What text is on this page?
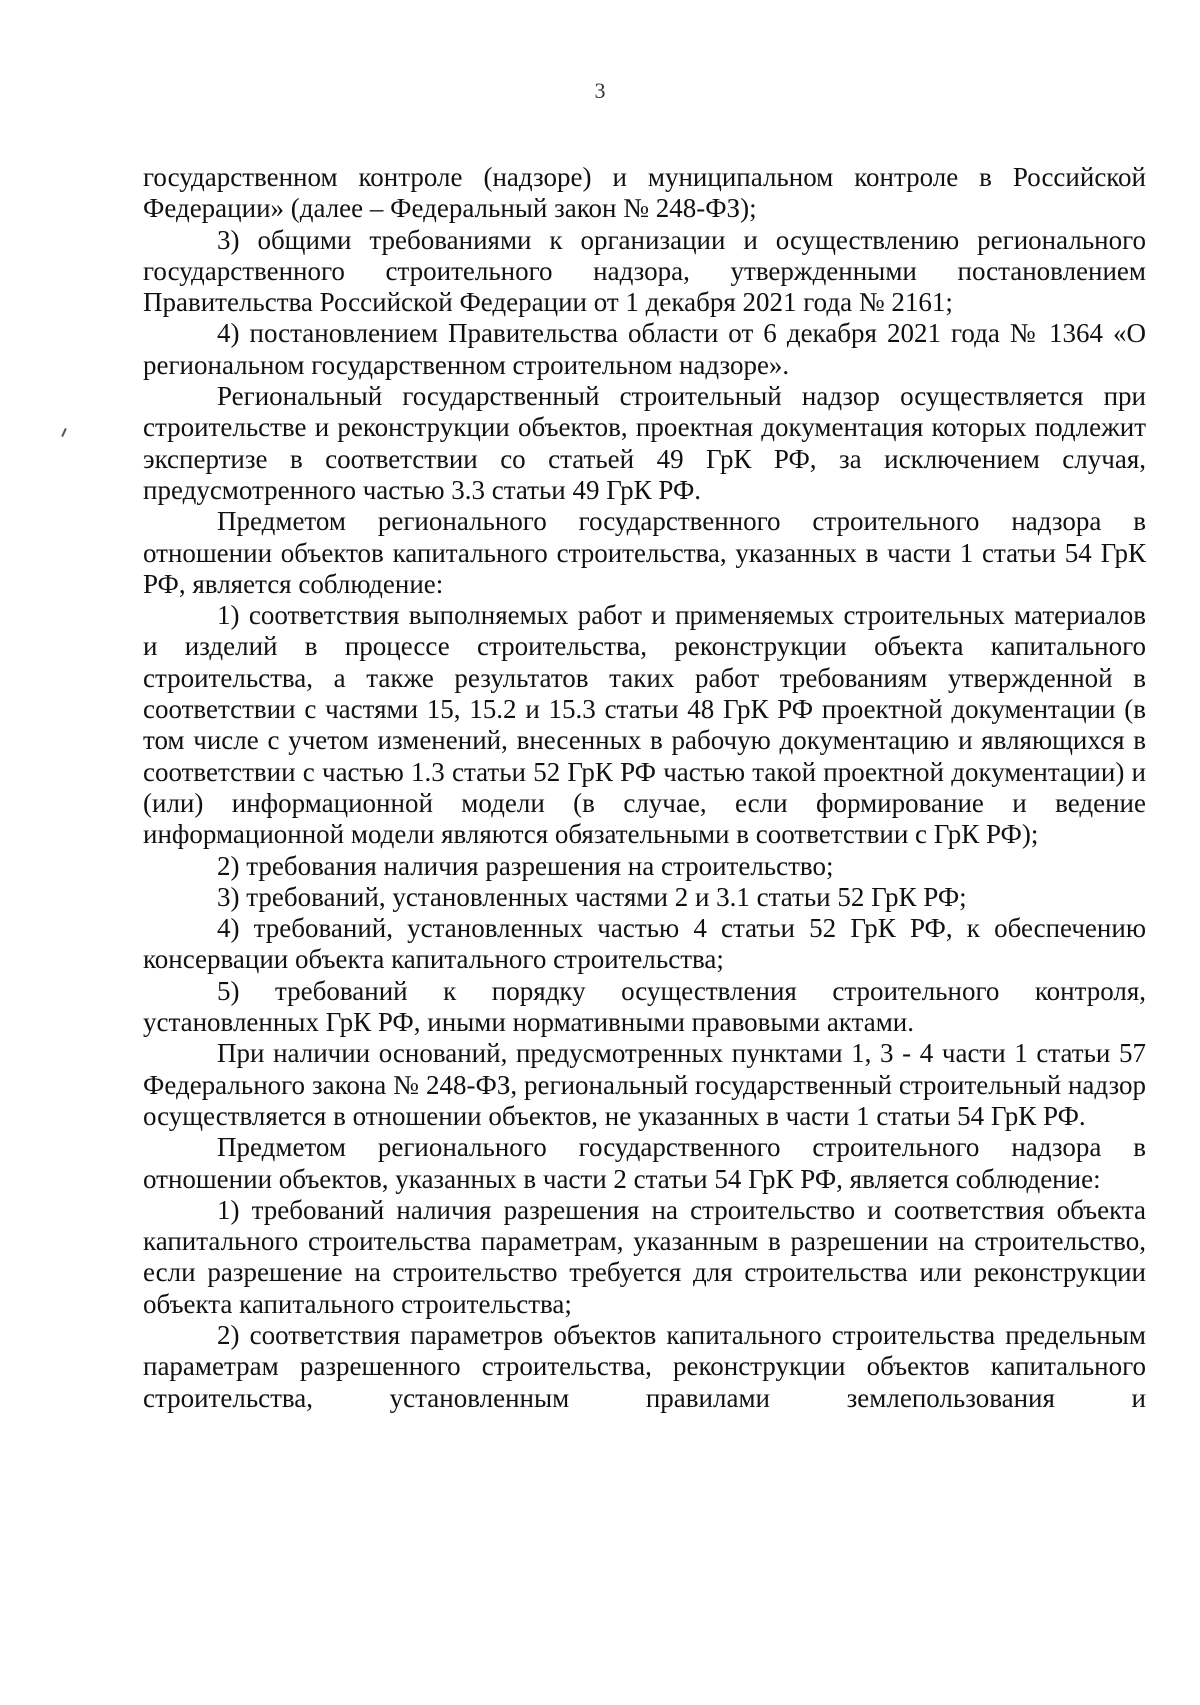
3

государственном контроле (надзоре) и муниципальном контроле в Российской Федерации» (далее – Федеральный закон № 248-ФЗ);

3) общими требованиями к организации и осуществлению регионального государственного строительного надзора, утвержденными постановлением Правительства Российской Федерации от 1 декабря 2021 года № 2161;

4) постановлением Правительства области от 6 декабря 2021 года № 1364 «О региональном государственном строительном надзоре».

Региональный государственный строительный надзор осуществляется при строительстве и реконструкции объектов, проектная документация которых подлежит экспертизе в соответствии со статьей 49 ГрК РФ, за исключением случая, предусмотренного частью 3.3 статьи 49 ГрК РФ.

Предметом регионального государственного строительного надзора в отношении объектов капитального строительства, указанных в части 1 статьи 54 ГрК РФ, является соблюдение:

1) соответствия выполняемых работ и применяемых строительных материалов и изделий в процессе строительства, реконструкции объекта капитального строительства, а также результатов таких работ требованиям утвержденной в соответствии с частями 15, 15.2 и 15.3 статьи 48 ГрК РФ проектной документации (в том числе с учетом изменений, внесенных в рабочую документацию и являющихся в соответствии с частью 1.3 статьи 52 ГрК РФ частью такой проектной документации) и (или) информационной модели (в случае, если формирование и ведение информационной модели являются обязательными в соответствии с ГрК РФ);

2) требования наличия разрешения на строительство;

3) требований, установленных частями 2 и 3.1 статьи 52 ГрК РФ;

4) требований, установленных частью 4 статьи 52 ГрК РФ, к обеспечению консервации объекта капитального строительства;

5) требований к порядку осуществления строительного контроля, установленных ГрК РФ, иными нормативными правовыми актами.

При наличии оснований, предусмотренных пунктами 1, 3 - 4 части 1 статьи 57 Федерального закона № 248-ФЗ, региональный государственный строительный надзор осуществляется в отношении объектов, не указанных в части 1 статьи 54 ГрК РФ.

Предметом регионального государственного строительного надзора в отношении объектов, указанных в части 2 статьи 54 ГрК РФ, является соблюдение:

1) требований наличия разрешения на строительство и соответствия объекта капитального строительства параметрам, указанным в разрешении на строительство, если разрешение на строительство требуется для строительства или реконструкции объекта капитального строительства;

2) соответствия параметров объектов капитального строительства предельным параметрам разрешенного строительства, реконструкции объектов капитального строительства, установленным правилами землепользования и
